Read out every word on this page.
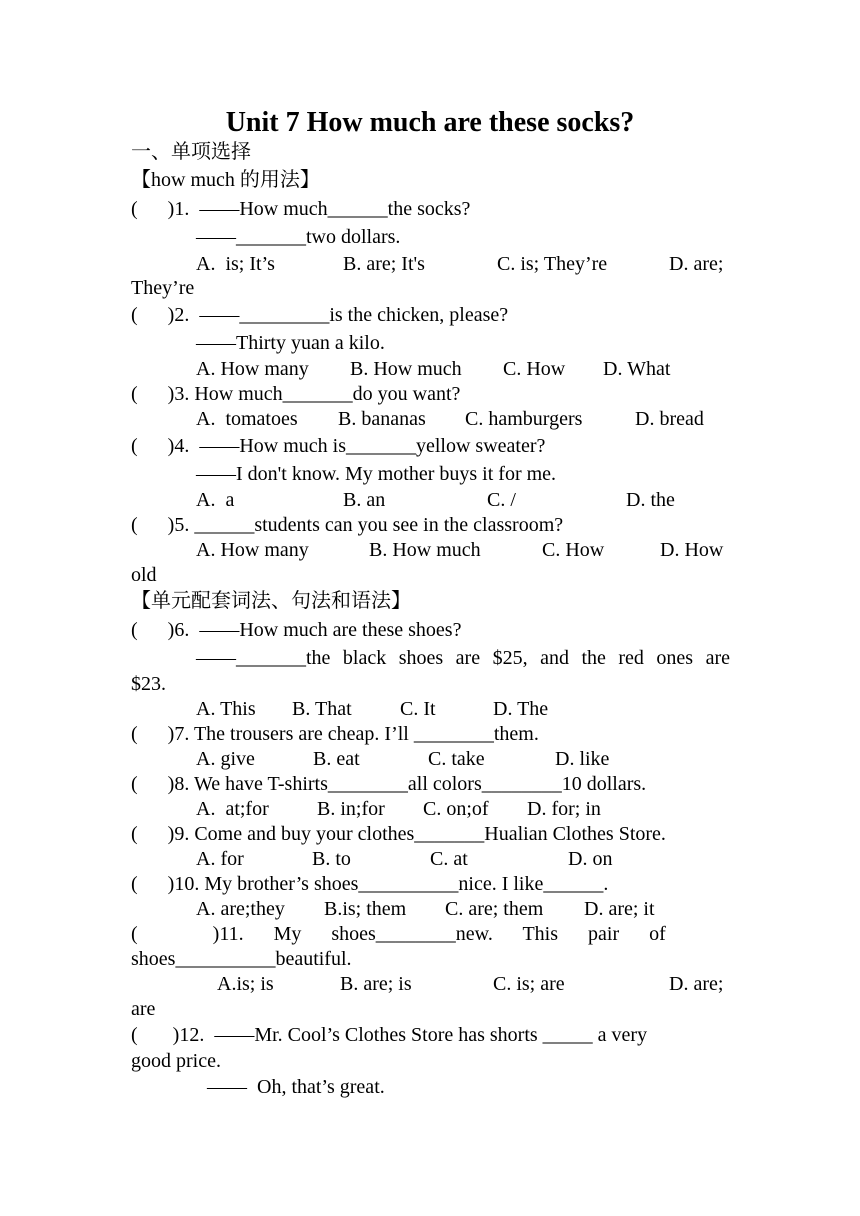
Unit 7 How much are these socks?
一、单项选择
【how much 的用法】
(      )1.  ——How much______the socks?
——_______two dollars.
A.  is; It’s	B. are; It's	C. is; They’re	D. are;
They’re
(      )2.  ——_________is the chicken, please?
——Thirty yuan a kilo.
A. How many B. How much C. How D. What
(      )3. How much_______do you want?
A.  tomatoes B. bananas C. hamburgers	D. bread
(      )4.  ——How much is_______yellow sweater?
——I don't know. My mother buys it for me.
A.  a	B. an	C. /	D. the
(      )5. ______students can you see in the classroom?
A. How many	B. How much	C. How	D. How
old
【单元配套词法、句法和语法】
(      )6.  ——How much are these shoes?
——_______the black shoes are $25, and the red ones are
$23.
A. This B. That C. It	D. The
(      )7. The trousers are cheap. I’ll ________them.
A. give	B. eat	C. take	D. like
(      )8. We have T-shirts________all colors________10 dollars.
A.  at;for B. in;for C. on;of D. for; in
(      )9. Come and buy your clothes_______Hualian Clothes Store.
A. for	B. to	C. at	D. on
(      )10. My brother’s shoes__________nice. I like______.
A. are;they B.is; them C. are; them D. are; it
(               )11.      My      shoes________new.      This      pair      of
shoes__________beautiful.
A.is; is	B. are; is	C. is; are	D. are;
are
(       )12.  ——Mr. Cool’s Clothes Store has shorts _____ a very
good price.
——  Oh, that’s great.
